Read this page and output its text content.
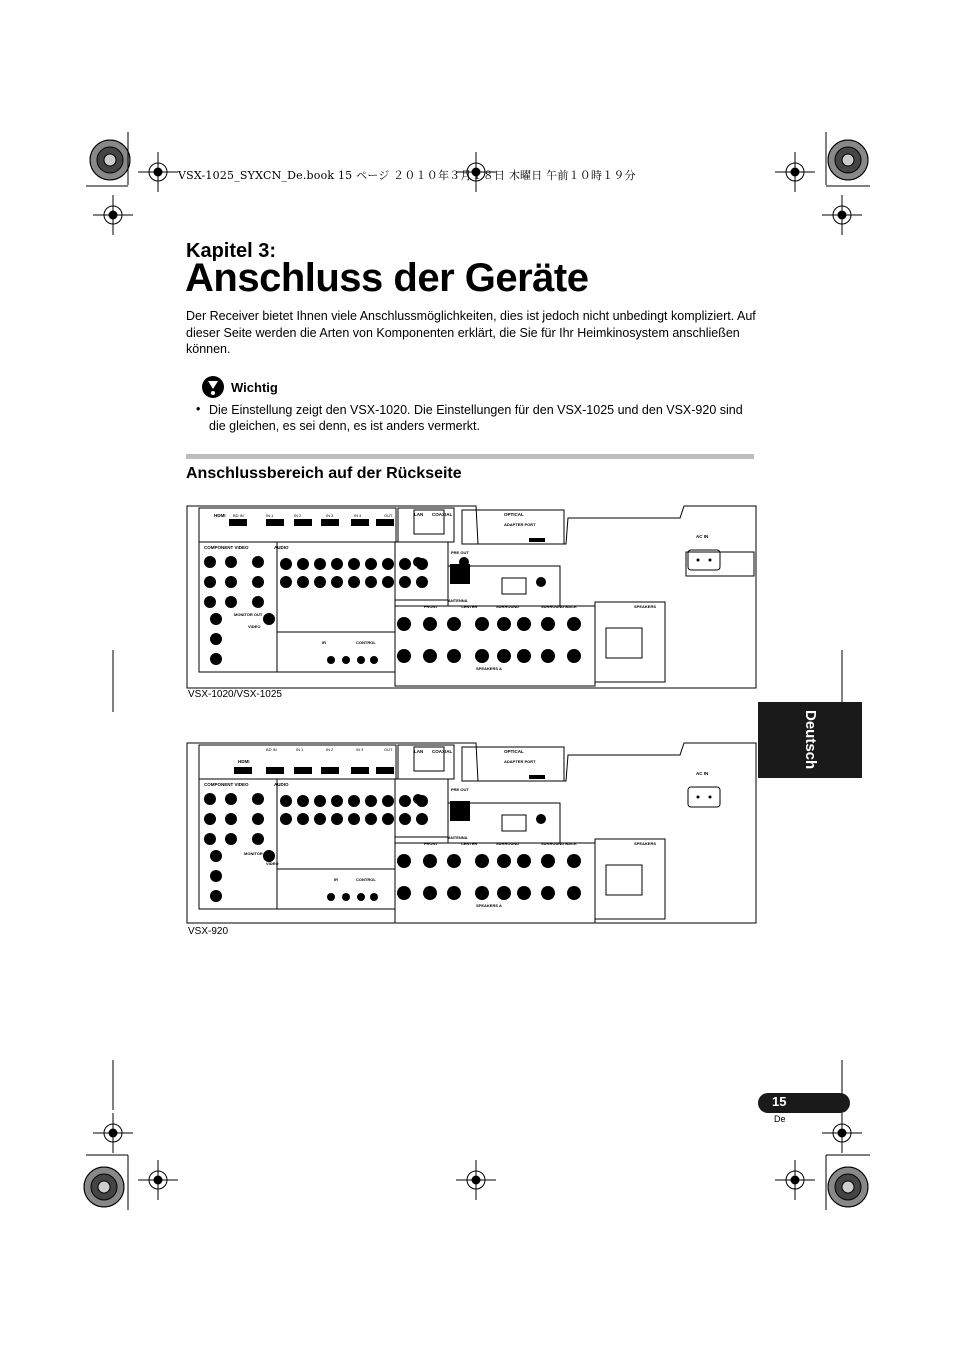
VSX-1025_SYXCN_De.book 15 ページ ２０１０年３月１８日 木曜日 午前１０時１９分
Kapitel 3:
Anschluss der Geräte
Der Receiver bietet Ihnen viele Anschlussmöglichkeiten, dies ist jedoch nicht unbedingt kompliziert. Auf dieser Seite werden die Arten von Komponenten erklärt, die Sie für Ihr Heimkinosystem anschließen können.
Wichtig
• Die Einstellung zeigt den VSX-1020. Die Einstellungen für den VSX-1025 und den VSX-920 sind die gleichen, es sei denn, es ist anders vermerkt.
Anschlussbereich auf der Rückseite
HDMI BD IN	IN 1	IN 2	IN 3	IN 4	OUT	LAN COAXIAL	OPTICAL
ADAPTER PORT
AC IN
COMPONENT VIDEO	AUDIO
PRE OUT
ANTENNA
FRONT	CENTER	SURROUND	SURROUND BACK	SPEAKERS
SPEAKERS A
MONITOR OUT
VIDEO
IR	CONTROL
VSX-1020/VSX-1025
HDMI
BD IN	IN 1	IN 2	IN 3	OUT	LAN COAXIAL	OPTICAL
ADAPTER PORT
AC IN
COMPONENT VIDEO	AUDIO
PRE OUT
ANTENNA
FRONT	CENTER	SURROUND	SURROUND BACK	SPEAKERS
SPEAKERS A
MONITOR OUT
VIDEO
IR	CONTROL
VSX-920
Deutsch
15
De
